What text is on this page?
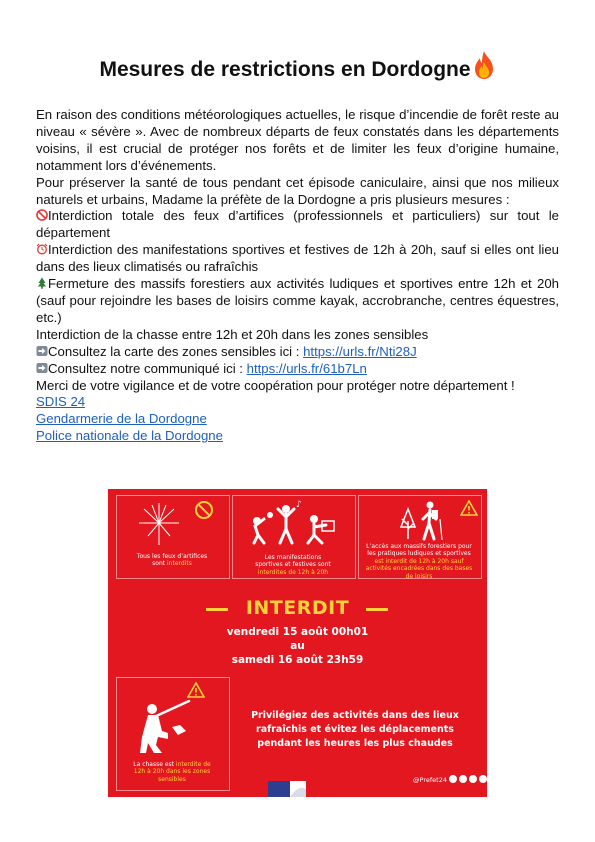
Mesures de restrictions en Dordogne

En raison des conditions météorologiques actuelles, le risque d’incendie de forêt reste au niveau « sévère ». Avec de nombreux départs de feux constatés dans les départements voisins, il est crucial de protéger nos forêts et de limiter les feux d’origine humaine, notamment lors d’événements.

Pour préserver la santé de tous pendant cet épisode caniculaire, ainsi que nos milieux naturels et urbains, Madame la préfète de la Dordogne a pris plusieurs mesures :

Interdiction totale des feux d’artifices (professionnels et particuliers) sur tout le département

Interdiction des manifestations sportives et festives de 12h à 20h, sauf si elles ont lieu dans des lieux climatisés ou rafraîchis

Fermeture des massifs forestiers aux activités ludiques et sportives entre 12h et 20h (sauf pour rejoindre les bases de loisirs comme kayak, accrobranche, centres équestres, etc.)

Interdiction de la chasse entre 12h et 20h dans les zones sensibles

Consultez la carte des zones sensibles ici : https://urls.fr/Nti28J

Consultez notre communiqué ici : https://urls.fr/61b7Ln

Merci de votre vigilance et de votre coopération pour protéger notre département !

SDIS 24

Gendarmerie de la Dordogne

Police nationale de la Dordogne

Tous les feux d’artifices
sont interdits
♪
Les manifestations
sportives et festives sont
interdites de 12h à 20h
L’accès aux massifs forestiers pour
les pratiques ludiques et sportives
est interdit de 12h à 20h sauf
activités encadrées dans des bases
de loisirs
INTERDIT
vendredi 15 août 00h01
au
samedi 16 août 23h59
La chasse est interdite de
12h à 20h dans les zones
sensibles
Privilégiez des activités dans des lieux
rafraîchis et évitez les déplacements
pendant les heures les plus chaudes
@Prefet24
